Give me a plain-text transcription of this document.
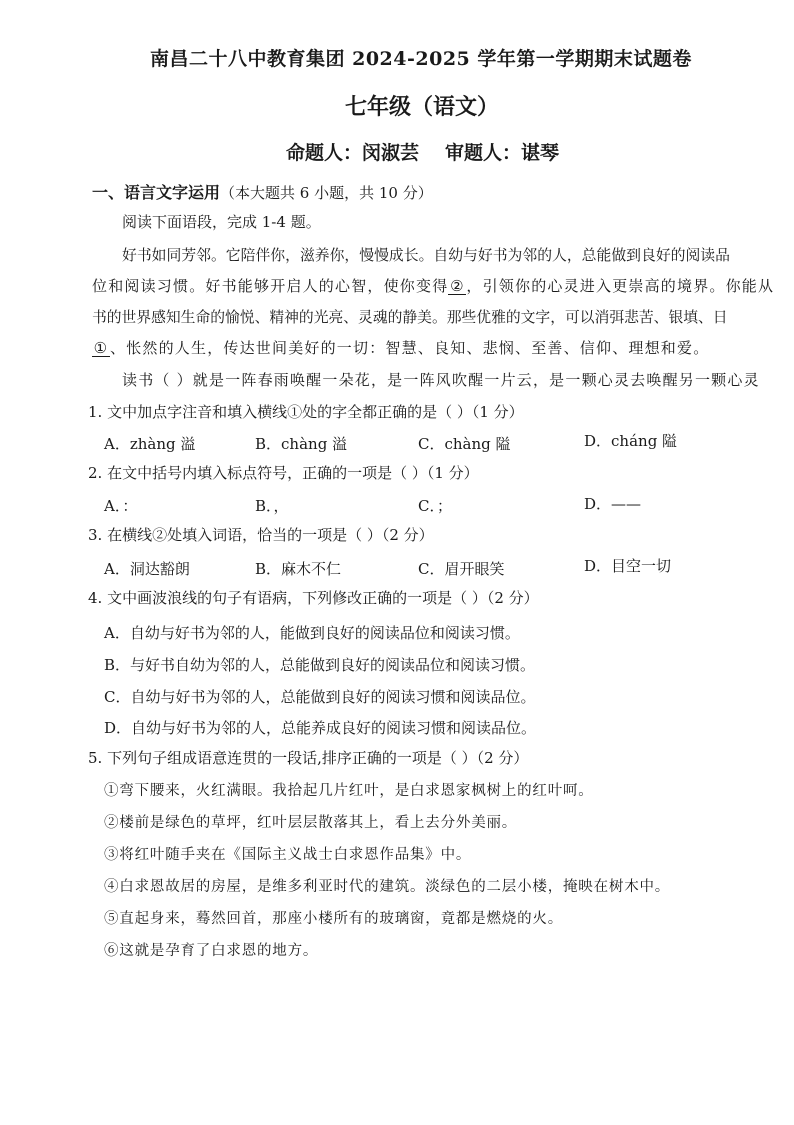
南昌二十八中教育集团 2024-2025 学年第一学期期末试题卷
七年级（语文）
命题人：闵淑芸 审题人：谌琴
一、语言文字运用（本大题共 6 小题，共 10 分）
阅读下面语段，完成 1-4 题。
好书如同芳邻。它陪伴你，滋养你，慢慢成长。自幼与好书为邻的人，总能做到良好的阅读品
位和阅读习惯。好书能够开启人的心智，使你变得 ② ，引领你的心灵进入更崇高的境界。你能从
书的世界感知生命的愉悦、精神的光亮、灵魂的静美。那些优雅的文字，可以消弭悲苦、银填、日
① 、怅然的人生，传达世间美好的一切：智慧、良知、悲悯、至善、信仰、理想和爱。
读书（ ）就是一阵春雨唤醒一朵花，是一阵风吹醒一片云，是一颗心灵去唤醒另一颗心灵
1. 文中加点字注音和填入横线①处的字全都正确的是（ ）（1 分）
A．zhàng 溢	B．chàng 溢	C．chàng 隘	D．cháng 隘
2. 在文中括号内填入标点符号，正确的一项是（ ）（1 分）
A．：	B．，	C．；	D．——
3. 在横线②处填入词语，恰当的一项是（ ）（2 分）
A．洞达豁朗	B．麻木不仁	C．眉开眼笑	D．目空一切
4. 文中画波浪线的句子有语病，下列修改正确的一项是（ ）（2 分）
A．自幼与好书为邻的人，能做到良好的阅读品位和阅读习惯。
B．与好书自幼为邻的人，总能做到良好的阅读品位和阅读习惯。
C．自幼与好书为邻的人，总能做到良好的阅读习惯和阅读品位。
D．自幼与好书为邻的人，总能养成良好的阅读习惯和阅读品位。
5. 下列句子组成语意连贯的一段话,排序正确的一项是（ ）（2 分）
①弯下腰来，火红满眼。我拾起几片红叶，是白求恩家枫树上的红叶呵。
②楼前是绿色的草坪，红叶层层散落其上，看上去分外美丽。
③将红叶随手夹在《国际主义战士白求恩作品集》中。
④白求恩故居的房屋，是维多利亚时代的建筑。淡绿色的二层小楼，掩映在树木中。
⑤直起身来，蓦然回首，那座小楼所有的玻璃窗，竟都是燃烧的火。
⑥这就是孕育了白求恩的地方。
